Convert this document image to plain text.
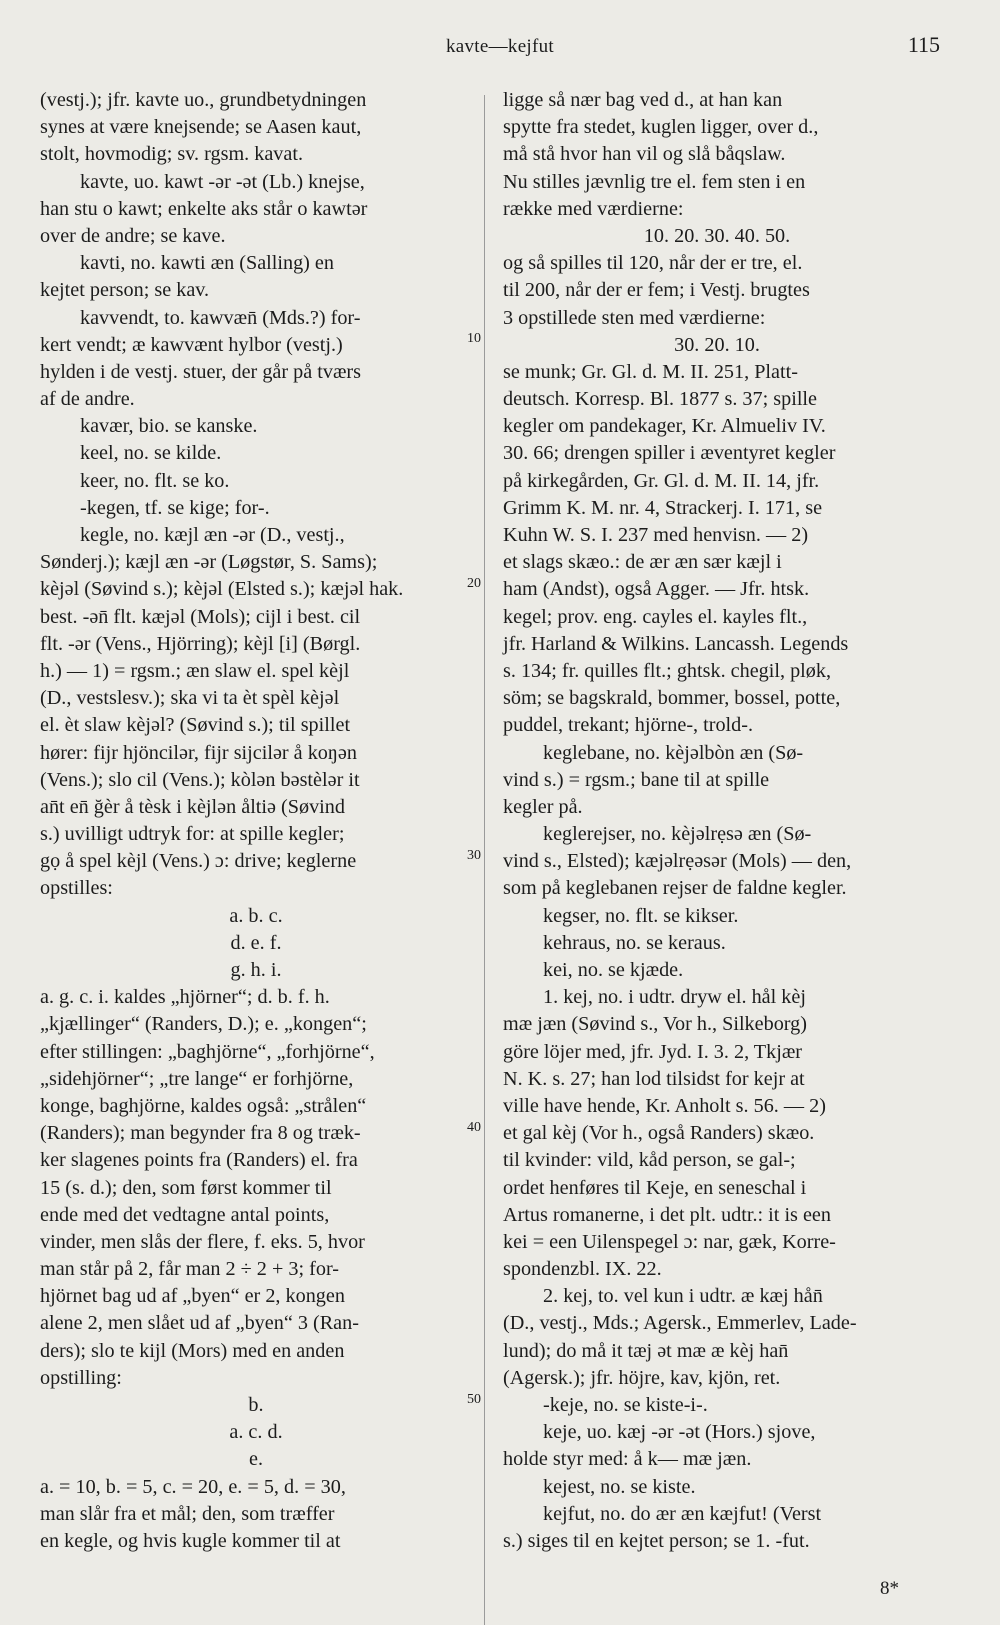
kavte—kejfut	115
(vestj.); jfr. kavte uo., grundbetydningen
synes at være knejsende; se Aasen kaut,
stolt, hovmodig; sv. rgsm. kavat.
kavte, uo. kawt -ər -ət (Lb.) knejse,
han stu o kawt; enkelte aks står o kawtər
over de andre; se kave.
kavti, no. kawti æn (Salling) en
kejtet person; se kav.
kavvendt, to. kawvæn̄ (Mds.?) for-
kert vendt; æ kawvænt hylbor (vestj.)
hylden i de vestj. stuer, der går på tværs
af de andre.
kavær, bio. se kanske.
keel, no. se kilde.
keer, no. flt. se ko.
-kegen, tf. se kige; for-.
kegle, no. kæjl æn -ər (D., vestj.,
Sønderj.); kæjl æn -ər (Løgstør, S. Sams);
kèjəl (Søvind s.); kèjəl (Elsted s.); kæjəl hak.
best. -ən̄ flt. kæjəl (Mols); cijl i best. cil
flt. -ər (Vens., Hjörring); kèjl [i] (Børgl.
h.) — 1) = rgsm.; æn slaw el. spel kèjl
(D., vestslesv.); ska vi ta èt spèl kèjəl
el. èt slaw kèjəl? (Søvind s.); til spillet
hører: fijr hjöncilər, fijr sijcilər å koŋən
(Vens.); slo cil (Vens.); kòlən bəstèlər it
an̄t en̄ ğèr å tèsk i kèjlən åltiə (Søvind
s.) uvilligt udtryk for: at spille kegler;
gọ å spel kèjl (Vens.) ɔ: drive; keglerne
opstilles:
a. b. c.
d. e. f.
g. h. i.
a. g. c. i. kaldes „hjörner“; d. b. f. h.
„kjællinger“ (Randers, D.); e. „kongen“;
efter stillingen: „baghjörne“, „forhjörne“,
„sidehjörner“; „tre lange“ er forhjörne,
konge, baghjörne, kaldes også: „strålen“
(Randers); man begynder fra 8 og træk-
ker slagenes points fra (Randers) el. fra
15 (s. d.); den, som først kommer til
ende med det vedtagne antal points,
vinder, men slås der flere, f. eks. 5, hvor
man står på 2, får man 2 ÷ 2 + 3; for-
hjörnet bag ud af „byen“ er 2, kongen
alene 2, men slået ud af „byen“ 3 (Ran-
ders); slo te kijl (Mors) med en anden
opstilling:
b.
a. c. d.
e.
a. = 10, b. = 5, c. = 20, e. = 5, d. = 30,
man slår fra et mål; den, som træffer
en kegle, og hvis kugle kommer til at
ligge så nær bag ved d., at han kan
spytte fra stedet, kuglen ligger, over d.,
må stå hvor han vil og slå båqslaw.
Nu stilles jævnlig tre el. fem sten i en
række med værdierne:
10. 20. 30. 40. 50.
og så spilles til 120, når der er tre, el.
til 200, når der er fem; i Vestj. brugtes
3 opstillede sten med værdierne:
30. 20. 10.
se munk; Gr. Gl. d. M. II. 251, Platt-
deutsch. Korresp. Bl. 1877 s. 37; spille
kegler om pandekager, Kr. Almueliv IV.
30. 66; drengen spiller i æventyret kegler
på kirkegården, Gr. Gl. d. M. II. 14, jfr.
Grimm K. M. nr. 4, Strackerj. I. 171, se
Kuhn W. S. I. 237 med henvisn. — 2)
et slags skæo.: de ær æn sær kæjl i
ham (Andst), også Agger. — Jfr. htsk.
kegel; prov. eng. cayles el. kayles flt.,
jfr. Harland & Wilkins. Lancassh. Legends
s. 134; fr. quilles flt.; ghtsk. chegil, pløk,
söm; se bagskrald, bommer, bossel, potte,
puddel, trekant; hjörne-, trold-.
keglebane, no. kèjəlbòn æn (Sø-
vind s.) = rgsm.; bane til at spille
kegler på.
keglerejser, no. kèjəlrẹsə æn (Sø-
vind s., Elsted); kæjəlrẹəsər (Mols) — den,
som på keglebanen rejser de faldne kegler.
kegser, no. flt. se kikser.
kehraus, no. se keraus.
kei, no. se kjæde.
1. kej, no. i udtr. dryw el. hål kèj
mæ jæn (Søvind s., Vor h., Silkeborg)
göre löjer med, jfr. Jyd. I. 3. 2, Tkjær
N. K. s. 27; han lod tilsidst for kejr at
ville have hende, Kr. Anholt s. 56. — 2)
et gal kèj (Vor h., også Randers) skæo.
til kvinder: vild, kåd person, se gal-;
ordet henføres til Keje, en seneschal i
Artus romanerne, i det plt. udtr.: it is een
kei = een Uilenspegel ɔ: nar, gæk, Korre-
spondenzbl. IX. 22.
2. kej, to. vel kun i udtr. æ kæj hån̄
(D., vestj., Mds.; Agersk., Emmerlev, Lade-
lund); do må it tæj ət mæ æ kèj han̄
(Agersk.); jfr. höjre, kav, kjön, ret.
-keje, no. se kiste-i-.
keje, uo. kæj -ər -ət (Hors.) sjove,
holde styr med: å k— mæ jæn.
kejest, no. se kiste.
kejfut, no. do ær æn kæjfut! (Verst
s.) siges til en kejtet person; se 1. -fut.
10
20
30
40
50
8*
